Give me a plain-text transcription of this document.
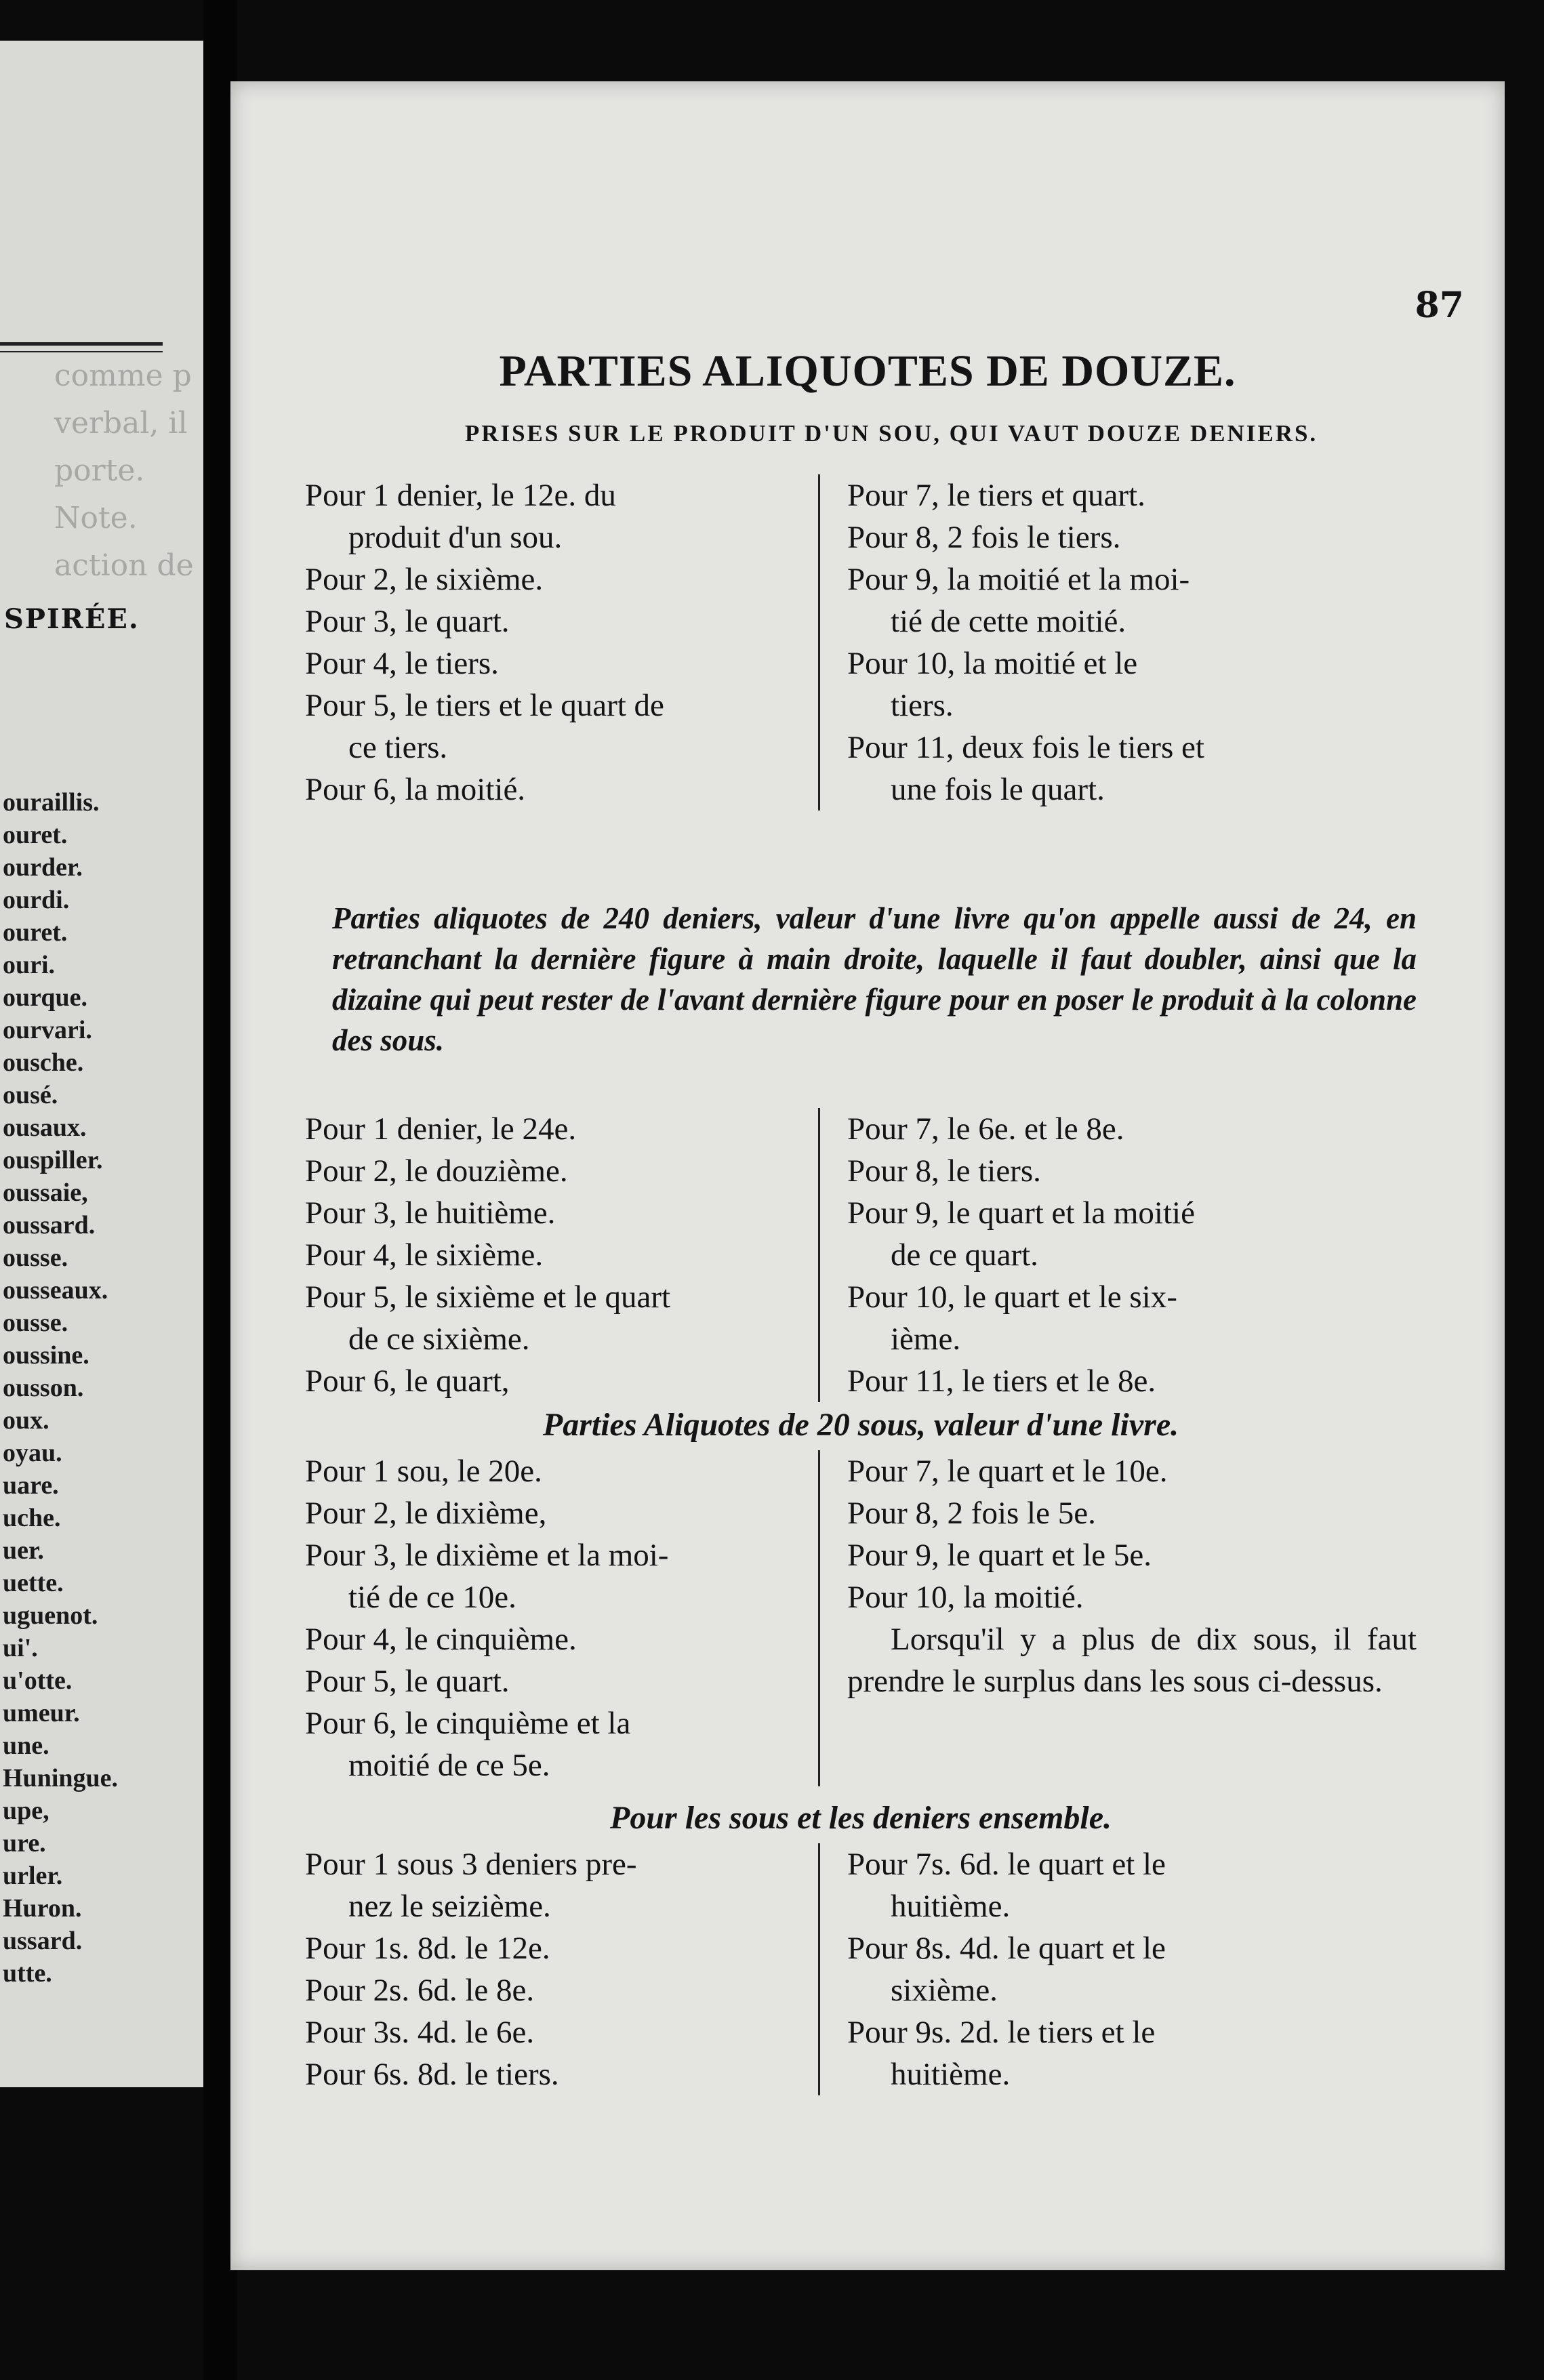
comme p
verbal, il
porte.
Note.
action de
SPIRÉE.
ouraillis.
ouret.
ourder.
ourdi.
ouret.
ouri.
ourque.
ourvari.
ousche.
ousé.
ousaux.
ouspiller.
oussaie,
oussard.
ousse.
ousseaux.
ousse.
oussine.
ousson.
oux.
oyau.
uare.
uche.
uer.
uette.
uguenot.
ui'.
u'otte.
umeur.
une.
Huningue.
upe,
ure.
urler.
Huron.
ussard.
utte.
87
PARTIES ALIQUOTES DE DOUZE.
PRISES SUR LE PRODUIT D'UN SOU, QUI VAUT DOUZE DENIERS.

Pour 1 denier, le 12e. du
produit d'un sou.

Pour 2, le sixième.

Pour 3, le quart.

Pour 4, le tiers.

Pour 5, le tiers et le quart de
ce tiers.

Pour 6, la moitié.

Pour 7, le tiers et quart.

Pour 8, 2 fois le tiers.

Pour 9, la moitié et la moi-
tié de cette moitié.

Pour 10, la moitié et le
tiers.

Pour 11, deux fois le tiers et
une fois le quart.

Parties aliquotes de 240 deniers, valeur d'une livre qu'on appelle aussi de 24, en retranchant la dernière figure à main droite, laquelle il faut doubler, ainsi que la dizaine qui peut rester de l'avant dernière figure pour en poser le produit à la colonne des sous.

Pour 1 denier, le 24e.

Pour 2, le douzième.

Pour 3, le huitième.

Pour 4, le sixième.

Pour 5, le sixième et le quart
de ce sixième.

Pour 6, le quart,

Pour 7, le 6e. et le 8e.

Pour 8, le tiers.

Pour 9, le quart et la moitié
de ce quart.

Pour 10, le quart et le six-
ième.

Pour 11, le tiers et le 8e.

Parties Aliquotes de 20 sous, valeur d'une livre.

Pour 1 sou, le 20e.

Pour 2, le dixième,

Pour 3, le dixième et la moi-
tié de ce 10e.

Pour 4, le cinquième.

Pour 5, le quart.

Pour 6, le cinquième et la
moitié de ce 5e.

Pour 7, le quart et le 10e.

Pour 8, 2 fois le 5e.

Pour 9, le quart et le 5e.

Pour 10, la moitié.

Lorsqu'il y a plus de dix sous, il faut prendre le surplus dans les sous ci-dessus.

Pour les sous et les deniers ensemble.

Pour 1 sous 3 deniers pre-
nez le seizième.

Pour 1s. 8d. le 12e.

Pour 2s. 6d. le 8e.

Pour 3s. 4d. le 6e.

Pour 6s. 8d. le tiers.

Pour 7s. 6d. le quart et le
huitième.

Pour 8s. 4d. le quart et le
sixième.

Pour 9s. 2d. le tiers et le
huitième.
